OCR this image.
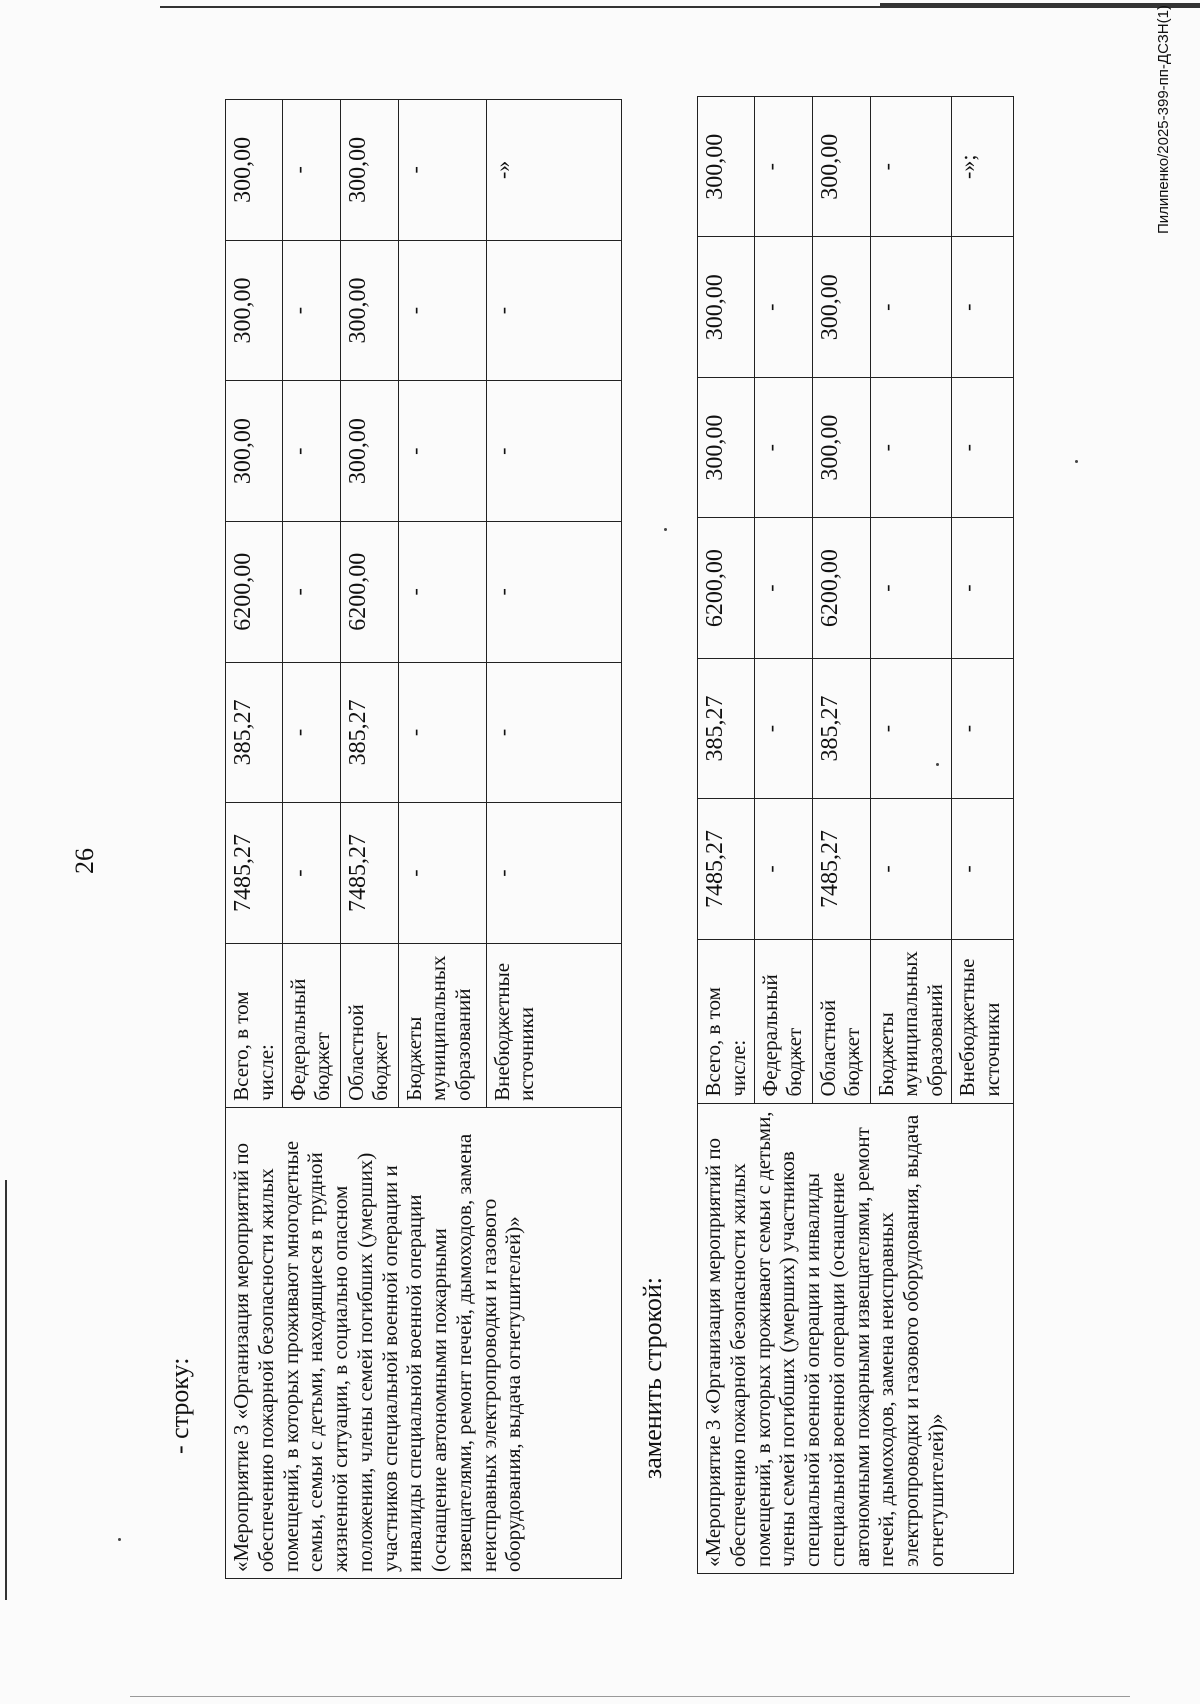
26
- строку: «Мероприятие 3 «Организация мероприятий по обеспечению пожарной безопасности жилых помещений, в которых проживают многодетные семьи, семьи с детьми, находящиеся в трудной жизненной ситуации, в социально опасном положении, члены семей погибших (умерших) участников специальной военной операции и инвалиды специальной военной операции (оснащение автономными пожарными извещателями, ремонт печей, дымоходов, замена неисправных электропроводки и газового оборудования, выдача огнетушителей)»	Всего, в том числе:	7485,27	385,27	6200,00	300,00	300,00	300,00
	Федеральный бюджет	-	-	-	-	-	-
	Областной бюджет	7485,27	385,27	6200,00	300,00	300,00	300,00
	Бюджеты муниципальных образований	-	-	-	-	-	-
	Внебюджетные источники	-	-	-	-	-	-»
заменить строкой: «Мероприятие 3 «Организация мероприятий по обеспечению пожарной безопасности жилых помещений, в которых проживают семьи с детьми, члены семей погибших (умерших) участников специальной военной операции и инвалиды специальной военной операции (оснащение автономными пожарными извещателями, ремонт печей, дымоходов, замена неисправных электропроводки и газового оборудования, выдача огнетушителей)»	Всего, в том числе:	7485,27	385,27	6200,00	300,00	300,00	300,00
	Федеральный бюджет	-	-	-	-	-	-
	Областной бюджет	7485,27	385,27	6200,00	300,00	300,00	300,00
	Бюджеты муниципальных образований	-	-	-	-	-	-
	Внебюджетные источники	-	-	-	-	-	-»;	Пилипенко/2025-399-пп-ДСЗН(1)
